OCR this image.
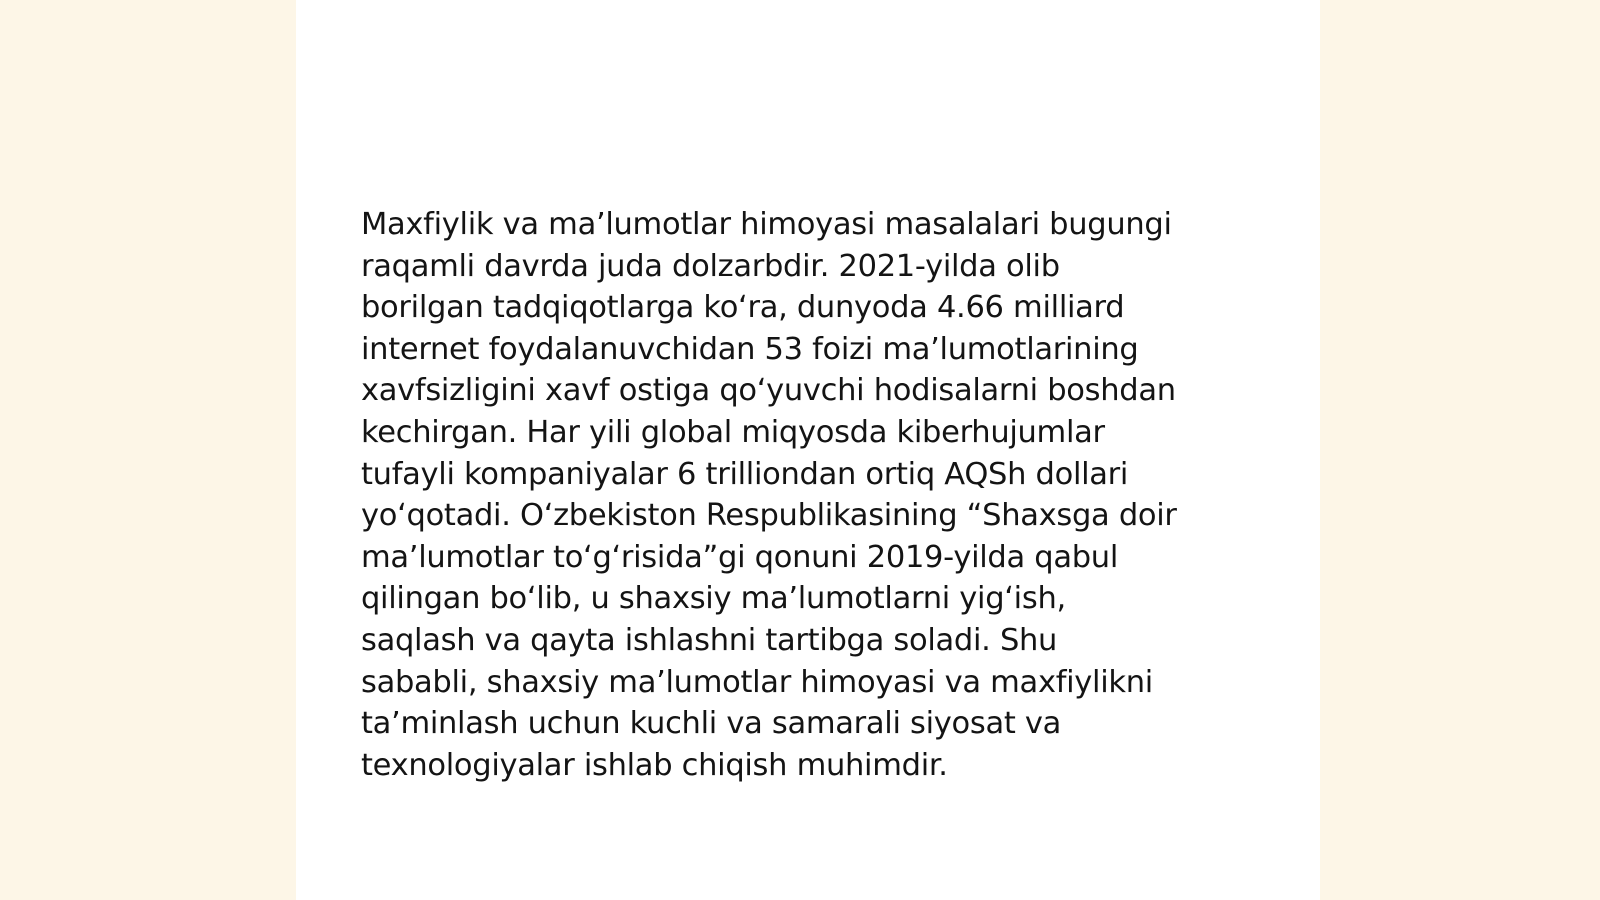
Maxfiylik va ma’lumotlar himoyasi masalalari bugungi
raqamli davrda juda dolzarbdir. 2021-yilda olib
borilgan tadqiqotlarga ko‘ra, dunyoda 4.66 milliard
internet foydalanuvchidan 53 foizi ma’lumotlarining
xavfsizligini xavf ostiga qo‘yuvchi hodisalarni boshdan
kechirgan. Har yili global miqyosda kiberhujumlar
tufayli kompaniyalar 6 trilliondan ortiq AQSh dollari
yo‘qotadi. O‘zbekiston Respublikasining “Shaxsga doir
ma’lumotlar to‘g‘risida”gi qonuni 2019-yilda qabul
qilingan bo‘lib, u shaxsiy ma’lumotlarni yig‘ish,
saqlash va qayta ishlashni tartibga soladi. Shu
sababli, shaxsiy ma’lumotlar himoyasi va maxfiylikni
ta’minlash uchun kuchli va samarali siyosat va
texnologiyalar ishlab chiqish muhimdir.
